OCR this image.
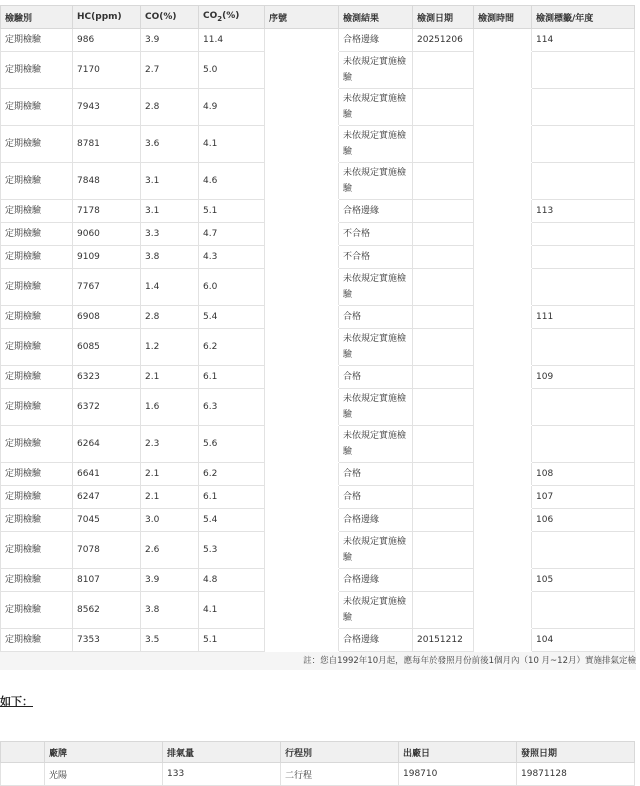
檢驗別	HC(ppm)	CO(%)	$CO_2(\%)$	序號	檢測結果	檢測日期	檢測時間	檢測標籤/年度
定期檢驗	986	3.9	11.4		合格邊緣	20251206		114
定期檢驗	7170	2.7	5.0		未依規定實施檢驗			
定期檢驗	7943	2.8	4.9		未依規定實施檢驗			
定期檢驗	8781	3.6	4.1		未依規定實施檢驗			
定期檢驗	7848	3.1	4.6		未依規定實施檢驗			
定期檢驗	7178	3.1	5.1		合格邊緣			113
定期檢驗	9060	3.3	4.7		不合格			
定期檢驗	9109	3.8	4.3		不合格			
定期檢驗	7767	1.4	6.0		未依規定實施檢驗			
定期檢驗	6908	2.8	5.4		合格			111
定期檢驗	6085	1.2	6.2		未依規定實施檢驗			
定期檢驗	6323	2.1	6.1		合格			109
定期檢驗	6372	1.6	6.3		未依規定實施檢驗			
定期檢驗	6264	2.3	5.6		未依規定實施檢驗			
定期檢驗	6641	2.1	6.2		合格			108
定期檢驗	6247	2.1	6.1		合格			107
定期檢驗	7045	3.0	5.4		合格邊緣			106
定期檢驗	7078	2.6	5.3		未依規定實施檢驗			
定期檢驗	8107	3.9	4.8		合格邊緣			105
定期檢驗	8562	3.8	4.1		未依規定實施檢驗			
定期檢驗	7353	3.5	5.1		合格邊緣	20151212		104
註：您自1992年10月起，應每年於發照月份前後1個月內（10 月~12月）實施排氣定檢
如下：
	廠牌	排氣量	行程別	出廠日	發照日期
	光陽	133	二行程	198710	19871128
